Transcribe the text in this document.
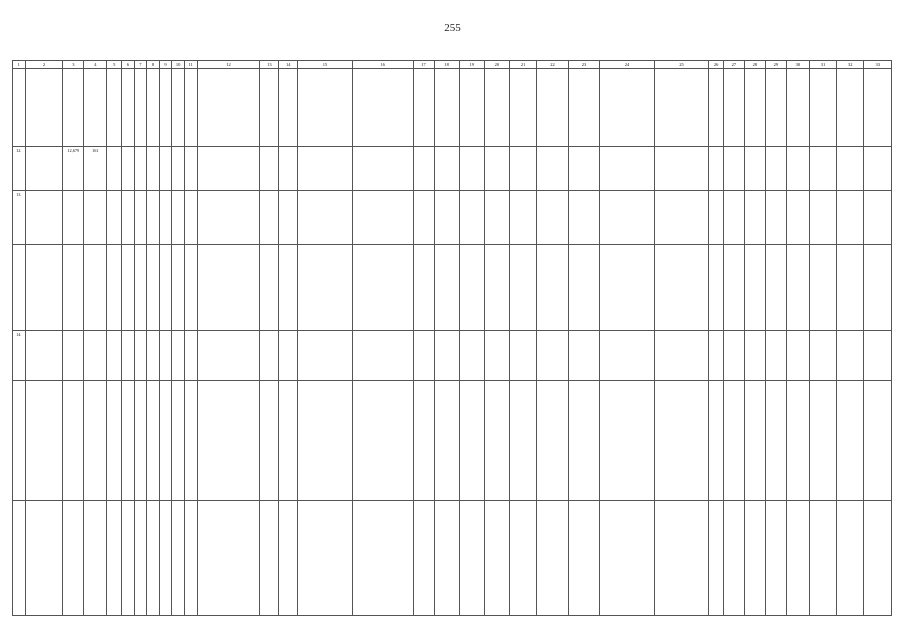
255
1	2	3	4	5	6	7	8	9	10	11	12	13	14	15	16	17	18	19	20	21	22	23	24	25	26	27	28	29	30	31	32	33

12.		12,679	161																													
13.																																

14.																																
